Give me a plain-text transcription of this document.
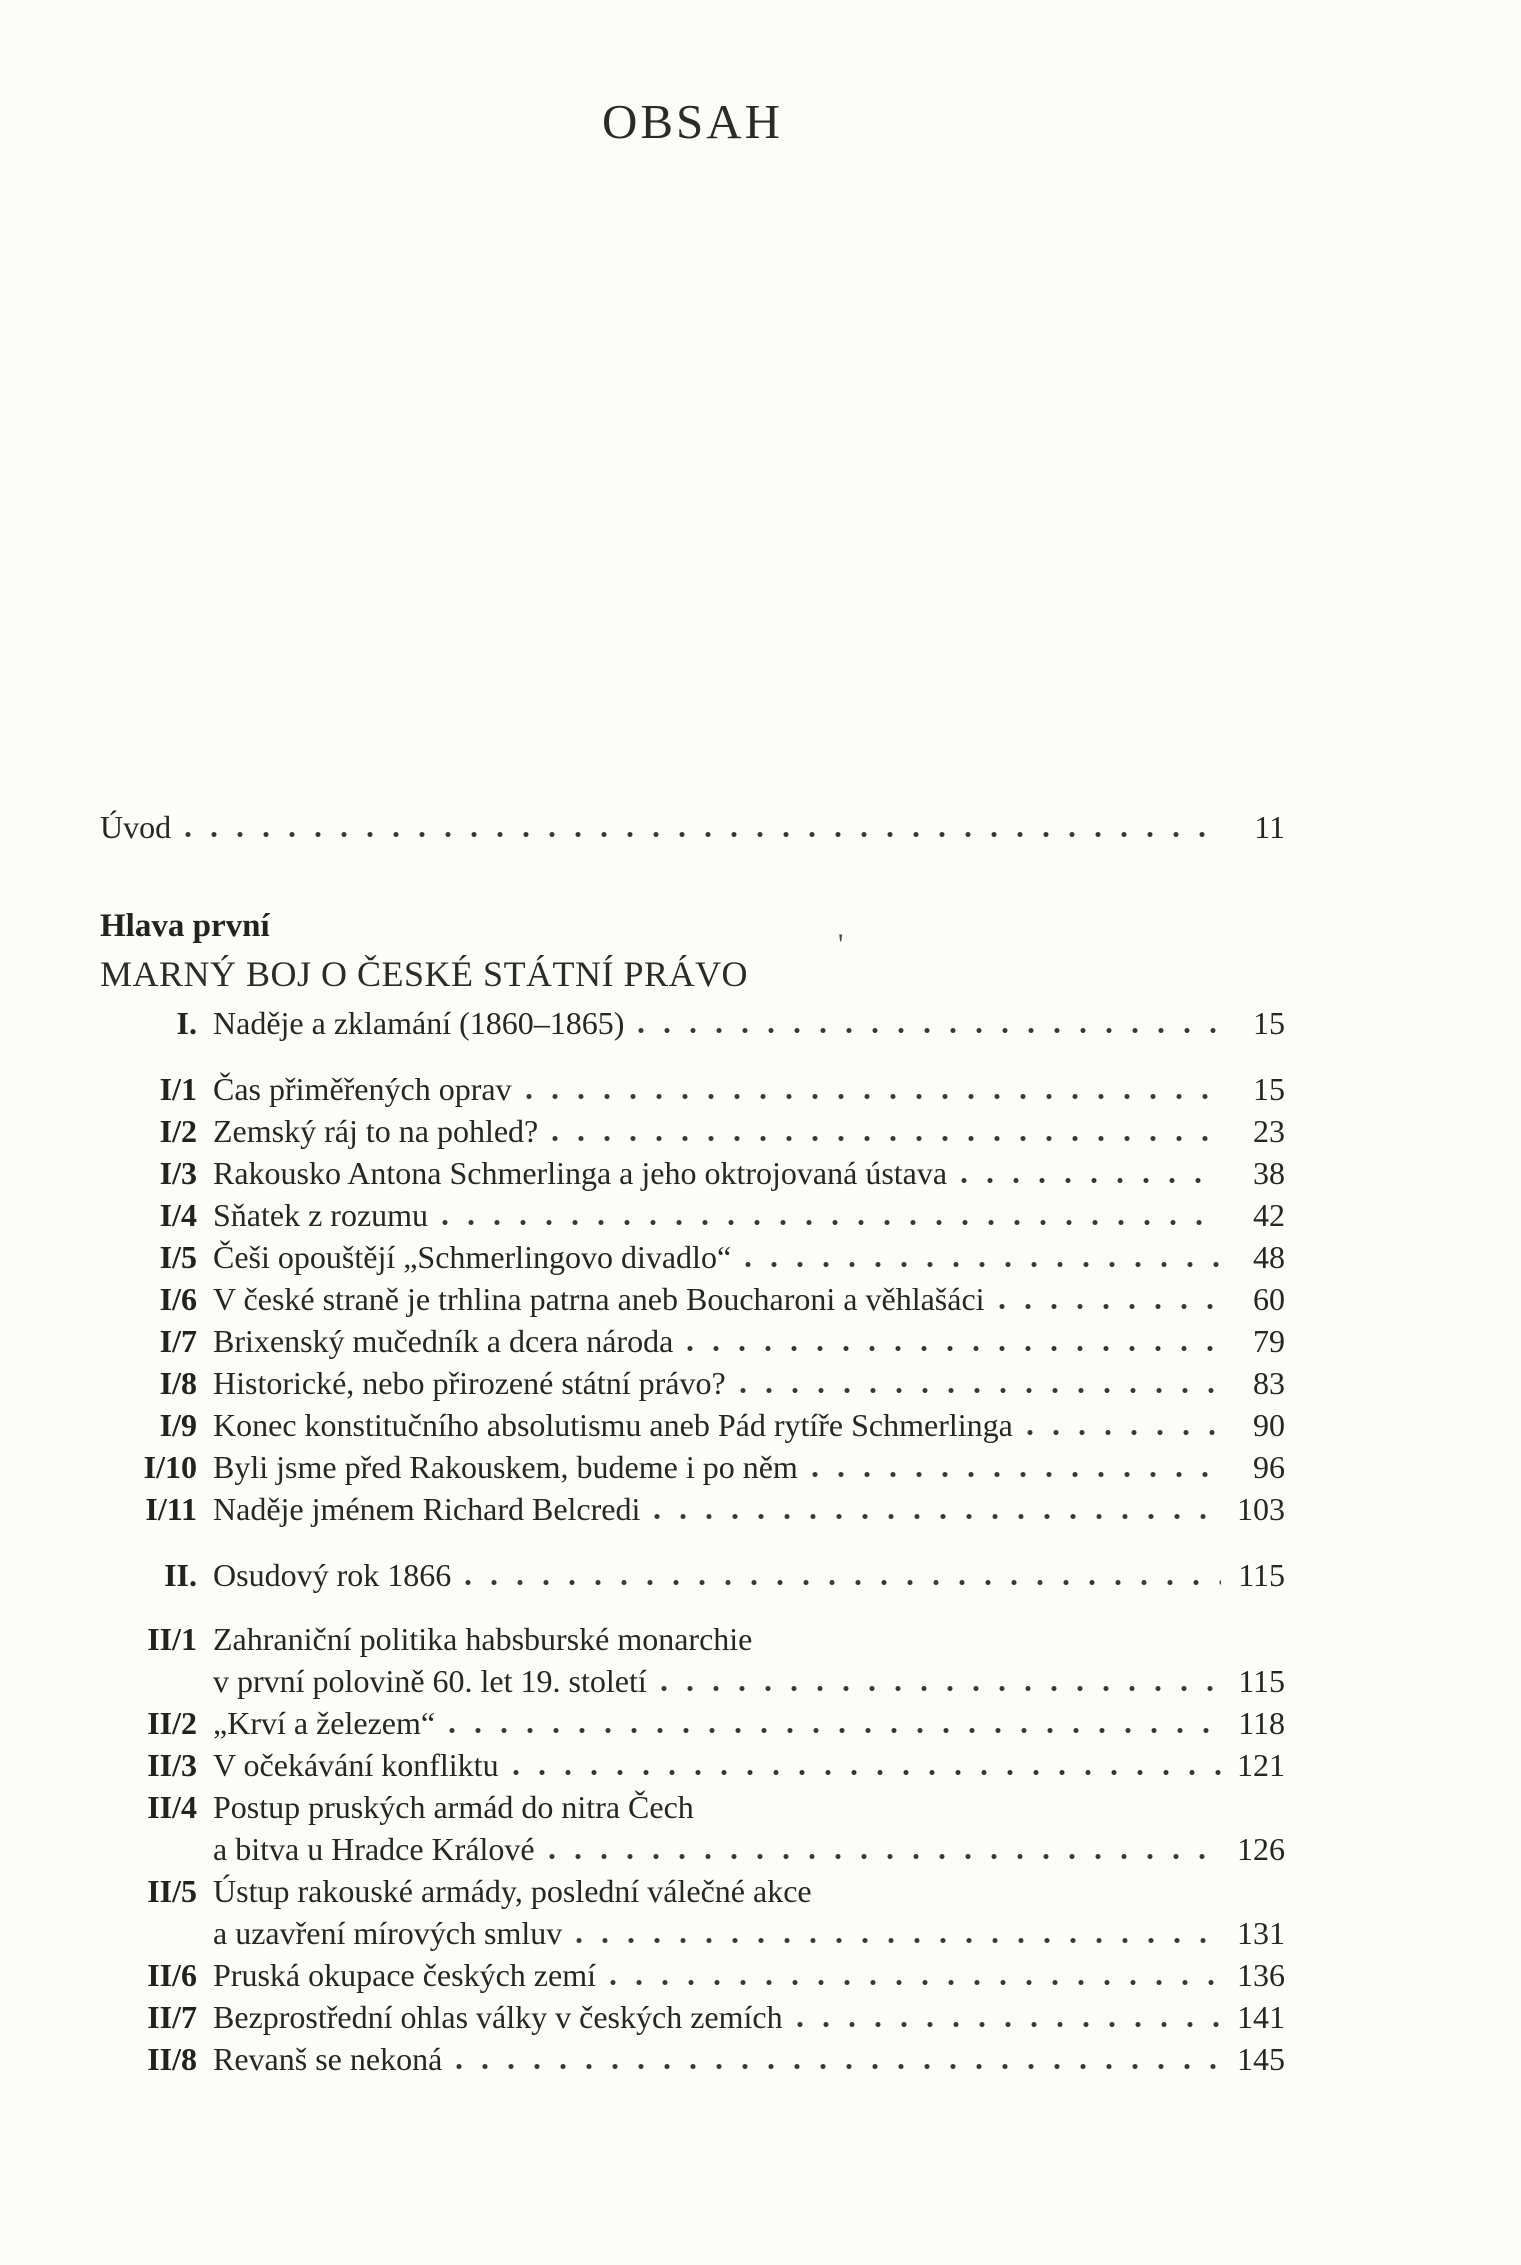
OBSAH
Úvod	11
Hlava první
MARNÝ BOJ O ČESKÉ STÁTNÍ PRÁVO
I. Naděje a zklamání (1860–1865)	15
I/1 Čas přiměřených oprav	15
I/2 Zemský ráj to na pohled?	23
I/3 Rakousko Antona Schmerlinga a jeho oktrojovaná ústava	38
I/4 Sňatek z rozumu	42
I/5 Češi opouštějí „Schmerlingovo divadlo“	48
I/6 V české straně je trhlina patrna aneb Boucharoni a věhlašáci	60
I/7 Brixenský mučedník a dcera národa	79
I/8 Historické, nebo přirozené státní právo?	83
I/9 Konec konstitučního absolutismu aneb Pád rytíře Schmerlinga	90
I/10 Byli jsme před Rakouskem, budeme i po něm	96
I/11 Naděje jménem Richard Belcredi	103
II. Osudový rok 1866	115
II/1 Zahraniční politika habsburské monarchie
v první polovině 60. let 19. století	115
II/2 „Krví a železem“	118
II/3 V očekávání konfliktu	121
II/4 Postup pruských armád do nitra Čech
a bitva u Hradce Králové	126
II/5 Ústup rakouské armády, poslední válečné akce
a uzavření mírových smluv	131
II/6 Pruská okupace českých zemí	136
II/7 Bezprostřední ohlas války v českých zemích	141
II/8 Revanš se nekoná	145
'
